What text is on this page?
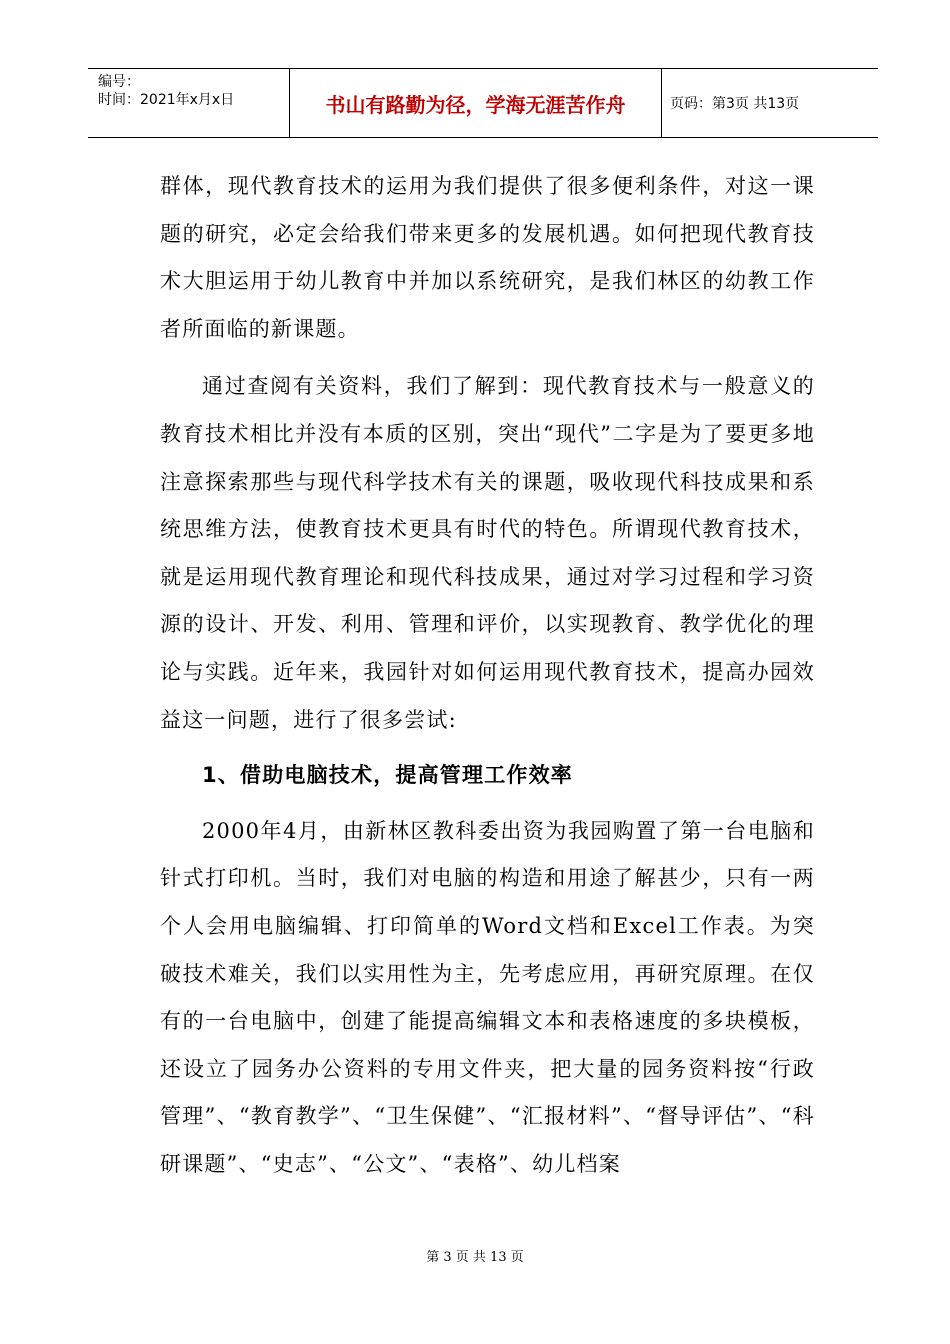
编号：
时间：2021年x月x日	书山有路勤为径，学海无涯苦作舟	页码：第3页 共13页

群体，现代教育技术的运用为我们提供了很多便利条件，对这一课题的研究，必定会给我们带来更多的发展机遇。如何把现代教育技术大胆运用于幼儿教育中并加以系统研究，是我们林区的幼教工作者所面临的新课题。

通过查阅有关资料，我们了解到：现代教育技术与一般意义的教育技术相比并没有本质的区别，突出“现代”二字是为了要更多地注意探索那些与现代科学技术有关的课题，吸收现代科技成果和系统思维方法，使教育技术更具有时代的特色。所谓现代教育技术，就是运用现代教育理论和现代科技成果，通过对学习过程和学习资源的设计、开发、利用、管理和评价，以实现教育、教学优化的理论与实践。近年来，我园针对如何运用现代教育技术，提高办园效益这一问题，进行了很多尝试:

1、借助电脑技术，提高管理工作效率

2000年4月，由新林区教科委出资为我园购置了第一台电脑和针式打印机。当时，我们对电脑的构造和用途了解甚少，只有一两个人会用电脑编辑、打印简单的Word文档和Excel工作表。为突破技术难关，我们以实用性为主，先考虑应用，再研究原理。在仅有的一台电脑中，创建了能提高编辑文本和表格速度的多块模板，还设立了园务办公资料的专用文件夹，把大量的园务资料按“行政管理”、“教育教学”、“卫生保健”、“汇报材料”、“督导评估”、“科研课题”、“史志”、“公文”、“表格”、幼儿档案

第 3 页 共 13 页
